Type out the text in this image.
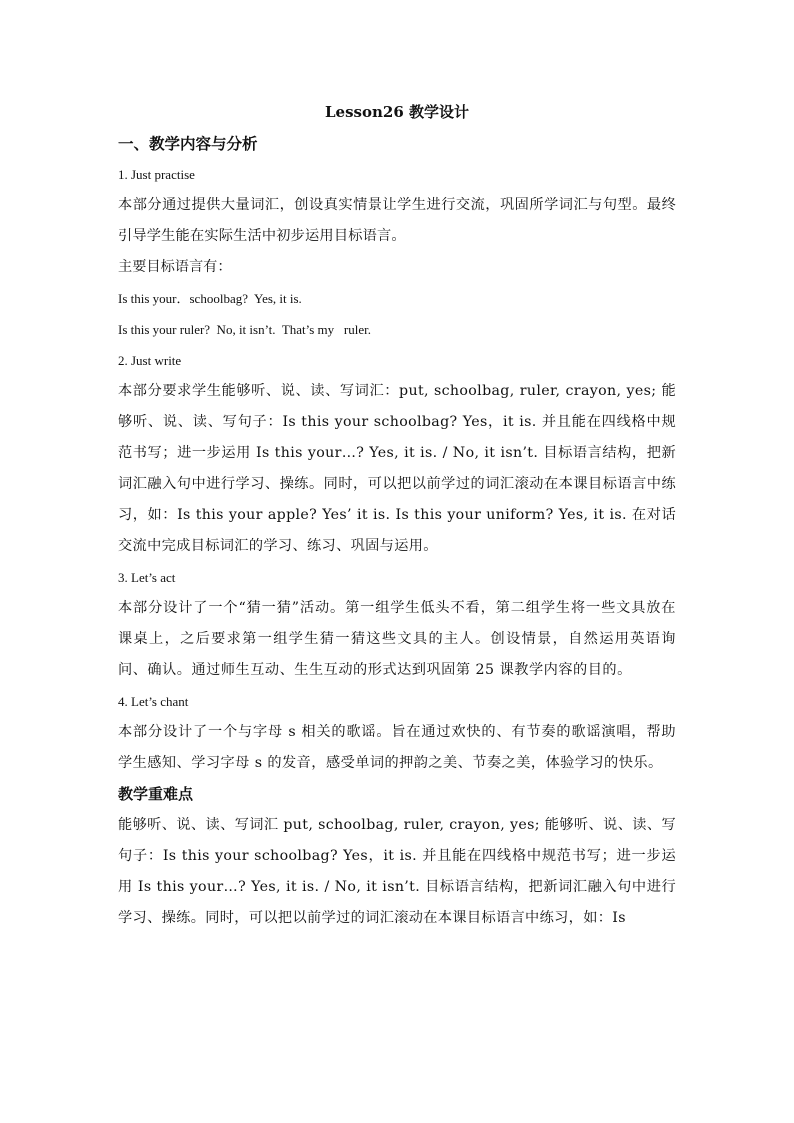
Lesson26 教学设计
一、教学内容与分析
1. Just practise
本部分通过提供大量词汇，创设真实情景让学生进行交流，巩固所学词汇与句型。最终引导学生能在实际生活中初步运用目标语言。
主要目标语言有：
Is this your．schoolbag?  Yes, it is.
Is this your ruler?  No, it isn’t.  That’s my   ruler.
2. Just write
本部分要求学生能够听、说、读、写词汇：put, schoolbag, ruler, crayon, yes; 能够听、说、读、写句子：Is this your schoolbag? Yes，it is. 并且能在四线格中规范书写；进一步运用 Is this your…? Yes, it is. / No, it isn’t. 目标语言结构，把新词汇融入句中进行学习、操练。同时，可以把以前学过的词汇滚动在本课目标语言中练习，如：Is this your apple? Yes’ it is. Is this your uniform? Yes, it is. 在对话交流中完成目标词汇的学习、练习、巩固与运用。
3. Let’s act
本部分设计了一个“猜一猜”活动。第一组学生低头不看，第二组学生将一些文具放在课桌上，之后要求第一组学生猜一猜这些文具的主人。创设情景，自然运用英语询问、确认。通过师生互动、生生互动的形式达到巩固第 25 课教学内容的目的。
4. Let’s chant
本部分设计了一个与字母 s 相关的歌谣。旨在通过欢快的、有节奏的歌谣演唱，帮助学生感知、学习字母 s 的发音，感受单词的押韵之美、节奏之美，体验学习的快乐。
教学重难点
能够听、说、读、写词汇 put, schoolbag, ruler, crayon, yes; 能够听、说、读、写句子：Is this your schoolbag? Yes，it is. 并且能在四线格中规范书写；进一步运用 Is this your…? Yes, it is. / No, it isn’t. 目标语言结构，把新词汇融入句中进行学习、操练。同时，可以把以前学过的词汇滚动在本课目标语言中练习，如：Is
